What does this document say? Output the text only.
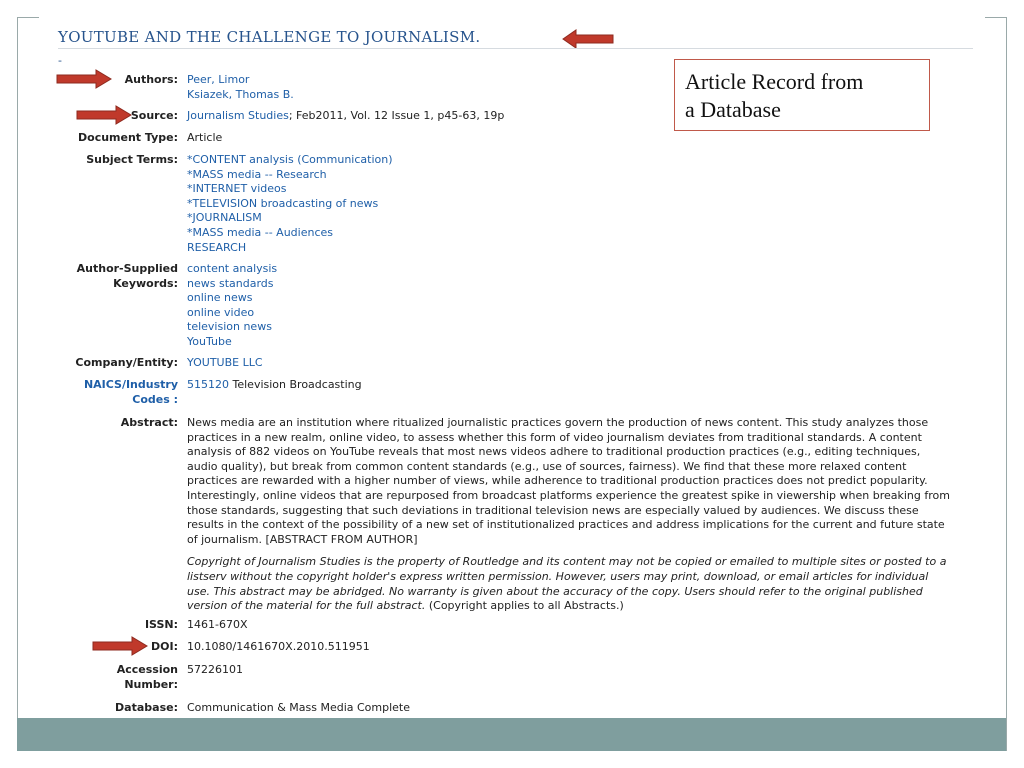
YOUTUBE AND THE CHALLENGE TO JOURNALISM.
-
Article Record from
a Database
Authors: Peer, Limor
Ksiazek, Thomas B.
Source: Journalism Studies; Feb2011, Vol. 12 Issue 1, p45-63, 19p
Document Type: Article
Subject Terms: *CONTENT analysis (Communication)
*MASS media -- Research
*INTERNET videos
*TELEVISION broadcasting of news
*JOURNALISM
*MASS media -- Audiences
RESEARCH
Author-Supplied
Keywords:
content analysis
news standards
online news
online video
television news
YouTube
Company/Entity: YOUTUBE LLC
NAICS/Industry
Codes :
515120 Television Broadcasting
Abstract: News media are an institution where ritualized journalistic practices govern the production of news content. This study analyzes those practices in a new realm, online video, to assess whether this form of video journalism deviates from traditional standards. A content analysis of 882 videos on YouTube reveals that most news videos adhere to traditional production practices (e.g., editing techniques, audio quality), but break from common content standards (e.g., use of sources, fairness). We find that these more relaxed content practices are rewarded with a higher number of views, while adherence to traditional production practices does not predict popularity. Interestingly, online videos that are repurposed from broadcast platforms experience the greatest spike in viewership when breaking from those standards, suggesting that such deviations in traditional television news are especially valued by audiences. We discuss these results in the context of the possibility of a new set of institutionalized practices and address implications for the current and future state of journalism. [ABSTRACT FROM AUTHOR]
Copyright of Journalism Studies is the property of Routledge and its content may not be copied or emailed to multiple sites or posted to a listserv without the copyright holder's express written permission. However, users may print, download, or email articles for individual use. This abstract may be abridged. No warranty is given about the accuracy of the copy. Users should refer to the original published version of the material for the full abstract. (Copyright applies to all Abstracts.)
ISSN: 1461-670X
DOI: 10.1080/1461670X.2010.511951
Accession
Number:
57226101
Database: Communication & Mass Media Complete
